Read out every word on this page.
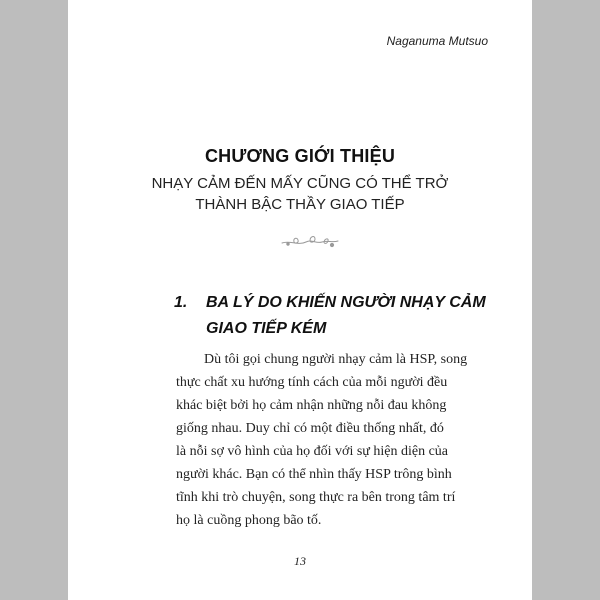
Naganuma Mutsuo
CHƯƠNG GIỚI THIỆU
NHẠY CẢM ĐẾN MẤY CŨNG CÓ THỂ TRỞ
THÀNH BẬC THẦY GIAO TIẾP
1. BA LÝ DO KHIẾN NGƯỜI NHẠY CẢM
GIAO TIẾP KÉM
Dù tôi gọi chung người nhạy cảm là HSP, song
thực chất xu hướng tính cách của mỗi người đều
khác biệt bởi họ cảm nhận những nỗi đau không
giống nhau. Duy chỉ có một điều thống nhất, đó
là nỗi sợ vô hình của họ đối với sự hiện diện của
người khác. Bạn có thể nhìn thấy HSP trông bình
tĩnh khi trò chuyện, song thực ra bên trong tâm trí
họ là cuồng phong bão tố.
13
